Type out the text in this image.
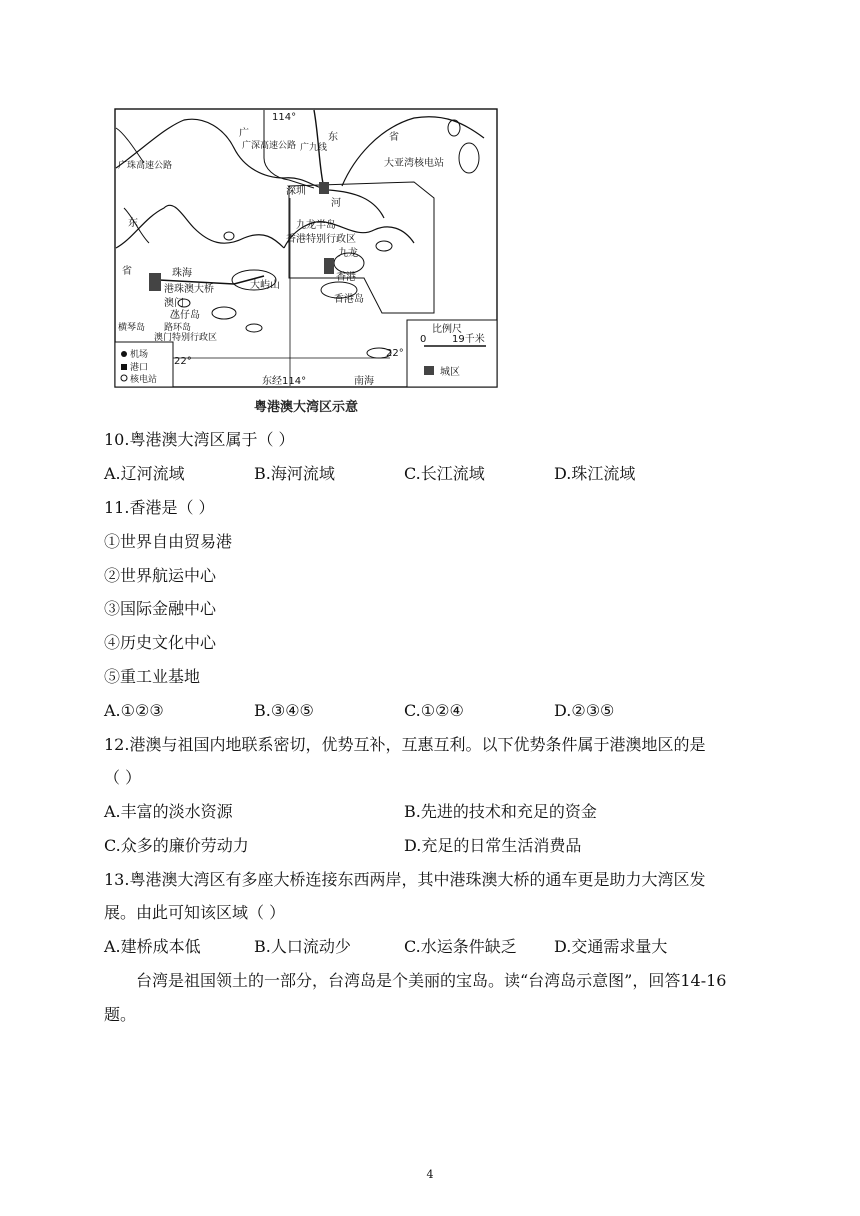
114°
广	东	省
大亚湾核电站
广深高速公路 广九线
广珠高速公路
东
省
深圳
河
九龙半岛
香港特别行政区
九龙
香港
香港岛
珠海
港珠澳大桥	大屿山
澳门
氹仔岛
横琴岛 路环岛
澳门特别行政区
22°
22°
东经114°	南海
比例尺
0	19千米
机场
港口
核电站
城区
粤港澳大湾区示意
10.粤港澳大湾区属于（ ）
A.辽河流域	B.海河流域	C.长江流域	D.珠江流域
11.香港是（ ）
①世界自由贸易港
②世界航运中心
③国际金融中心
④历史文化中心
⑤重工业基地
A.①②③	B.③④⑤	C.①②④	D.②③⑤
12.港澳与祖国内地联系密切，优势互补，互惠互利。以下优势条件属于港澳地区的是
（ ）
A.丰富的淡水资源	B.先进的技术和充足的资金
C.众多的廉价劳动力	D.充足的日常生活消费品
13.粤港澳大湾区有多座大桥连接东西两岸，其中港珠澳大桥的通车更是助力大湾区发
展。由此可知该区域（ ）
A.建桥成本低	B.人口流动少	C.水运条件缺乏 D.交通需求量大
台湾是祖国领土的一部分，台湾岛是个美丽的宝岛。读“台湾岛示意图”，回答14-16题。
4
